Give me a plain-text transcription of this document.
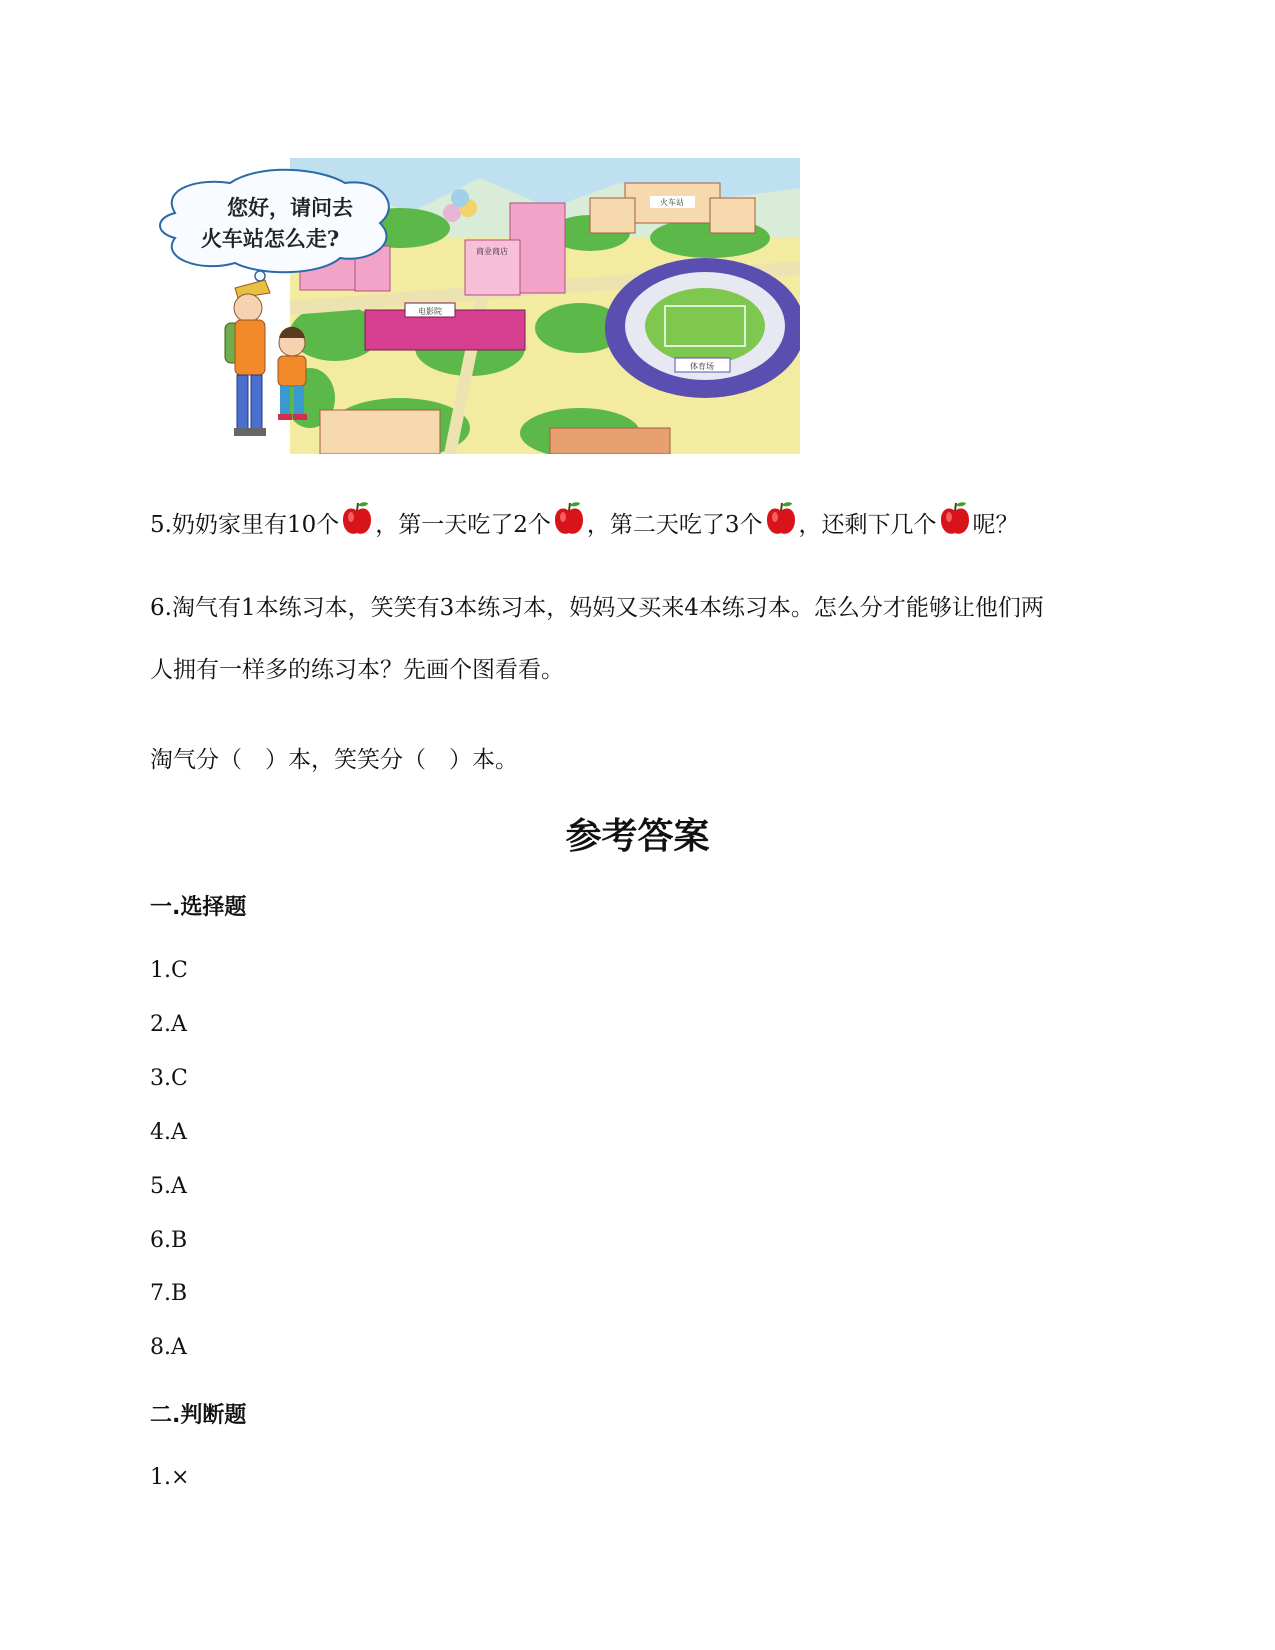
商业商店
火车站
电影院
体育场
您好，请问去
火车站怎么走?
5.奶奶家里有10个 ，第一天吃了2个 ，第二天吃了3个 ，还剩下几个 呢？
6.淘气有1本练习本，笑笑有3本练习本，妈妈又买来4本练习本。怎么分才能够让他们两
人拥有一样多的练习本？先画个图看看。
淘气分（　）本，笑笑分（　）本。
参考答案
一.选择题
1.C
2.A
3.C
4.A
5.A
6.B
7.B
8.A
二.判断题
1.×
